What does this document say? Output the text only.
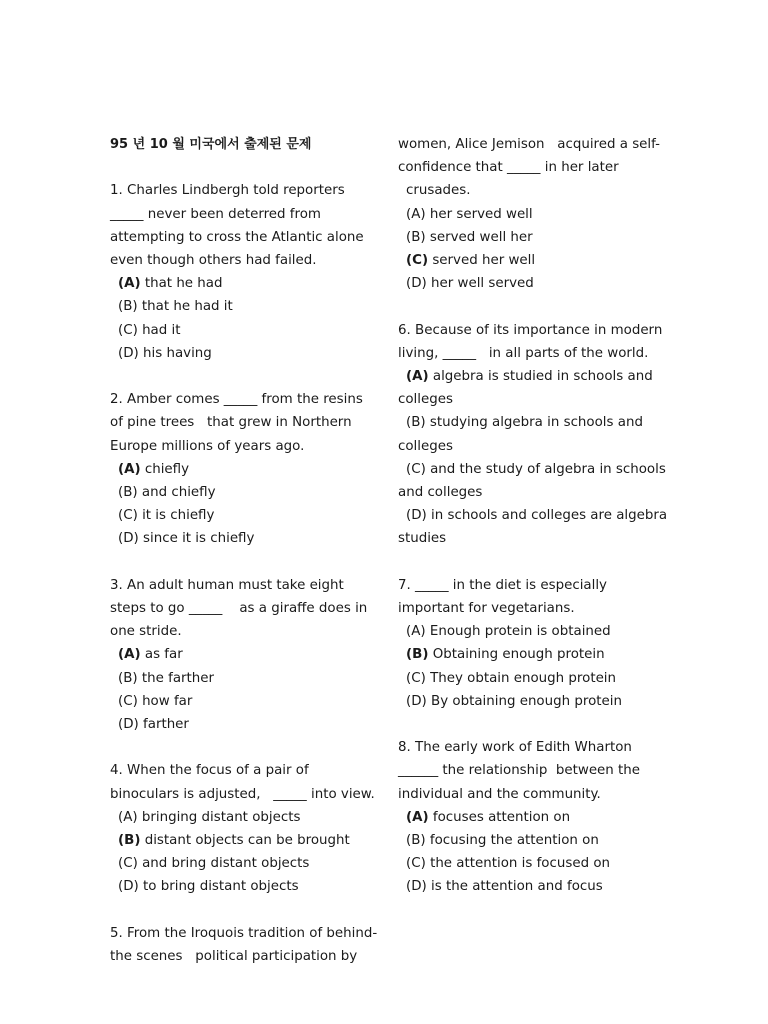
95 년 10 월 미국에서 출제된 문제
1. Charles Lindbergh told reporters
_____ never been deterred from
attempting to cross the Atlantic alone
even though others had failed.
(A) that he had
(B) that he had it
(C) had it
(D) his having
2. Amber comes _____ from the resins
of pine trees   that grew in Northern
Europe millions of years ago.
(A) chiefly
(B) and chiefly
(C) it is chiefly
(D) since it is chiefly
3. An adult human must take eight
steps to go _____    as a giraffe does in
one stride.
(A) as far
(B) the farther
(C) how far
(D) farther
4. When the focus of a pair of
binoculars is adjusted,   _____ into view.
(A) bringing distant objects
(B) distant objects can be brought
(C) and bring distant objects
(D) to bring distant objects
5. From the Iroquois tradition of behind-
the scenes   political participation by
women, Alice Jemison   acquired a self-
confidence that _____ in her later
crusades.
(A) her served well
(B) served well her
(C) served her well
(D) her well served
6. Because of its importance in modern
living, _____   in all parts of the world.
(A) algebra is studied in schools and
colleges
(B) studying algebra in schools and
colleges
(C) and the study of algebra in schools
and colleges
(D) in schools and colleges are algebra
studies
7. _____ in the diet is especially
important for vegetarians.
(A) Enough protein is obtained
(B) Obtaining enough protein
(C) They obtain enough protein
(D) By obtaining enough protein
8. The early work of Edith Wharton
______ the relationship  between the
individual and the community.
(A) focuses attention on
(B) focusing the attention on
(C) the attention is focused on
(D) is the attention and focus
